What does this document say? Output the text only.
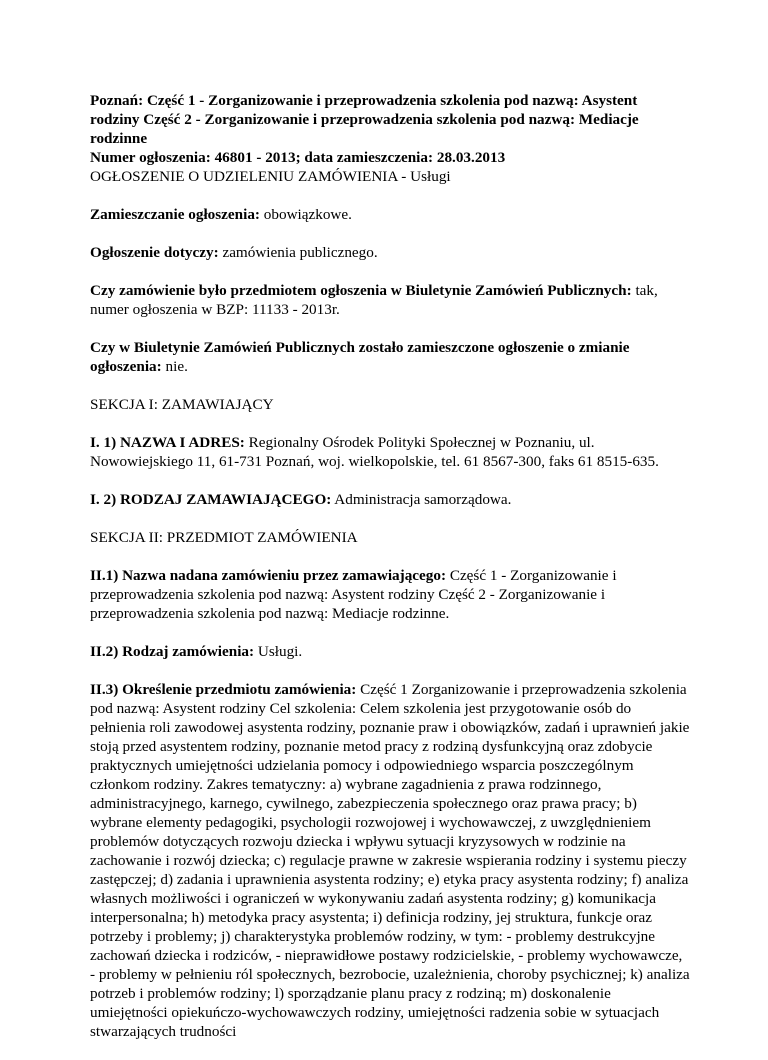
Poznań: Część 1 - Zorganizowanie i przeprowadzenia szkolenia pod nazwą: Asystent rodziny Część 2 - Zorganizowanie i przeprowadzenia szkolenia pod nazwą: Mediacje rodzinne
Numer ogłoszenia: 46801 - 2013; data zamieszczenia: 28.03.2013
OGŁOSZENIE O UDZIELENIU ZAMÓWIENIA - Usługi

Zamieszczanie ogłoszenia: obowiązkowe.

Ogłoszenie dotyczy: zamówienia publicznego.

Czy zamówienie było przedmiotem ogłoszenia w Biuletynie Zamówień Publicznych: tak, numer ogłoszenia w BZP: 11133 - 2013r.

Czy w Biuletynie Zamówień Publicznych zostało zamieszczone ogłoszenie o zmianie ogłoszenia: nie.

SEKCJA I: ZAMAWIAJĄCY

I. 1) NAZWA I ADRES: Regionalny Ośrodek Polityki Społecznej w Poznaniu, ul. Nowowiejskiego 11, 61-731 Poznań, woj. wielkopolskie, tel. 61 8567-300, faks 61 8515-635.

I. 2) RODZAJ ZAMAWIAJĄCEGO: Administracja samorządowa.

SEKCJA II: PRZEDMIOT ZAMÓWIENIA

II.1) Nazwa nadana zamówieniu przez zamawiającego: Część 1 - Zorganizowanie i przeprowadzenia szkolenia pod nazwą: Asystent rodziny Część 2 - Zorganizowanie i przeprowadzenia szkolenia pod nazwą: Mediacje rodzinne.

II.2) Rodzaj zamówienia: Usługi.

II.3) Określenie przedmiotu zamówienia: Część 1 Zorganizowanie i przeprowadzenia szkolenia pod nazwą: Asystent rodziny Cel szkolenia: Celem szkolenia jest przygotowanie osób do pełnienia roli zawodowej asystenta rodziny, poznanie praw i obowiązków, zadań i uprawnień jakie stoją przed asystentem rodziny, poznanie metod pracy z rodziną dysfunkcyjną oraz zdobycie praktycznych umiejętności udzielania pomocy i odpowiedniego wsparcia poszczególnym członkom rodziny. Zakres tematyczny: a) wybrane zagadnienia z prawa rodzinnego, administracyjnego, karnego, cywilnego, zabezpieczenia społecznego oraz prawa pracy; b) wybrane elementy pedagogiki, psychologii rozwojowej i wychowawczej, z uwzględnieniem problemów dotyczących rozwoju dziecka i wpływu sytuacji kryzysowych w rodzinie na zachowanie i rozwój dziecka; c) regulacje prawne w zakresie wspierania rodziny i systemu pieczy zastępczej; d) zadania i uprawnienia asystenta rodziny; e) etyka pracy asystenta rodziny; f) analiza własnych możliwości i ograniczeń w wykonywaniu zadań asystenta rodziny; g) komunikacja interpersonalna; h) metodyka pracy asystenta; i) definicja rodziny, jej struktura, funkcje oraz potrzeby i problemy; j) charakterystyka problemów rodziny, w tym: - problemy destrukcyjne zachowań dziecka i rodziców, - nieprawidłowe postawy rodzicielskie, - problemy wychowawcze, - problemy w pełnieniu ról społecznych, bezrobocie, uzależnienia, choroby psychicznej; k) analiza potrzeb i problemów rodziny; l) sporządzanie planu pracy z rodziną; m) doskonalenie umiejętności opiekuńczo-wychowawczych rodziny, umiejętności radzenia sobie w sytuacjach stwarzających trudności
